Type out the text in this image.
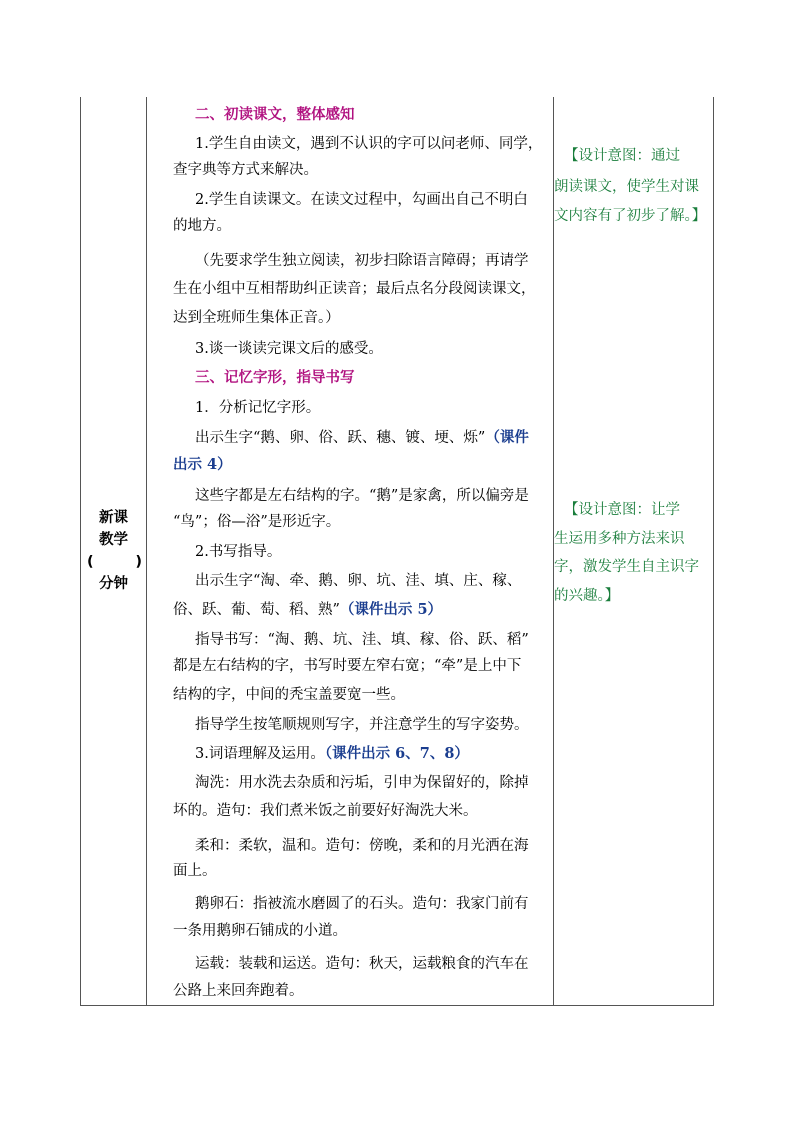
新课
教学
(	)
分钟
二、初读课文，整体感知
1.学生自由读文，遇到不认识的字可以问老师、同学，
查字典等方式来解决。
2.学生自读课文。在读文过程中，勾画出自己不明白
的地方。
（先要求学生独立阅读，初步扫除语言障碍；再请学
生在小组中互相帮助纠正读音；最后点名分段阅读课文，
达到全班师生集体正音。）
3.谈一谈读完课文后的感受。
三、记忆字形，指导书写
1．分析记忆字形。
出示生字“鹅、卵、俗、跃、穗、镀、埂、烁”（课件
出示 4）
这些字都是左右结构的字。“鹅”是家禽，所以偏旁是
“鸟”；俗—浴”是形近字。
2.书写指导。
出示生字“淘、牵、鹅、卵、坑、洼、填、庄、稼、
俗、跃、葡、萄、稻、熟”（课件出示 5）
指导书写：“淘、鹅、坑、洼、填、稼、俗、跃、稻”
都是左右结构的字，书写时要左窄右宽；“牵”是上中下
结构的字，中间的秃宝盖要宽一些。
指导学生按笔顺规则写字，并注意学生的写字姿势。
3.词语理解及运用。（课件出示 6、7、8）
淘洗：用水洗去杂质和污垢，引申为保留好的，除掉
坏的。造句：我们煮米饭之前要好好淘洗大米。
柔和：柔软，温和。造句：傍晚，柔和的月光洒在海
面上。
鹅卵石：指被流水磨圆了的石头。造句：我家门前有
一条用鹅卵石铺成的小道。
运载：装载和运送。造句：秋天，运载粮食的汽车在
公路上来回奔跑着。
【设计意图：通过
朗读课文，使学生对课
文内容有了初步了解。】
【设计意图：让学
生运用多种方法来识
字，激发学生自主识字
的兴趣。】
